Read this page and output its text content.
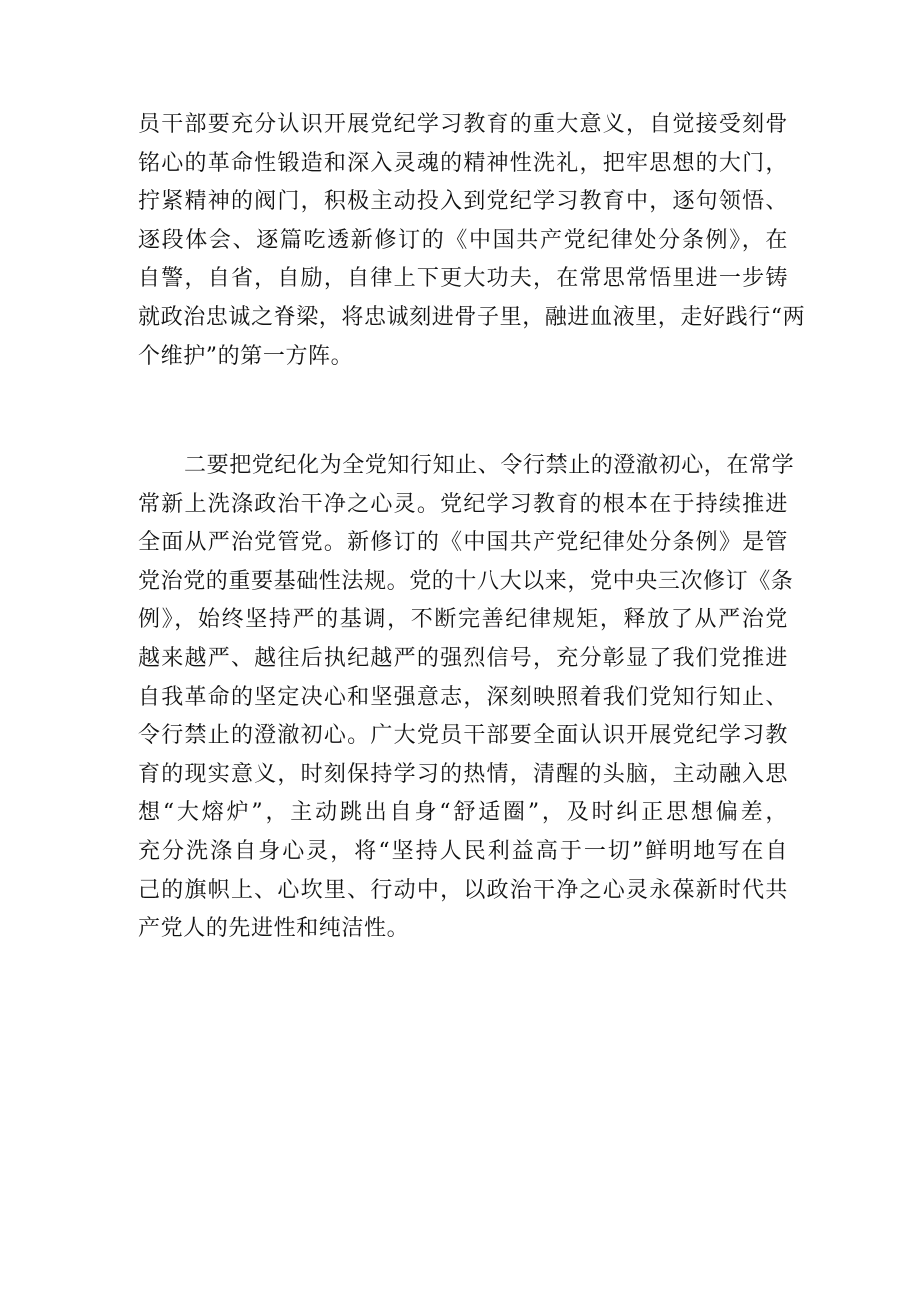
员干部要充分认识开展党纪学习教育的重大意义，自觉接受刻骨
铭心的革命性锻造和深入灵魂的精神性洗礼，把牢思想的大门，
拧紧精神的阀门，积极主动投入到党纪学习教育中，逐句领悟、
逐段体会、逐篇吃透新修订的《中国共产党纪律处分条例》，在
自警，自省，自励，自律上下更大功夫，在常思常悟里进一步铸
就政治忠诚之脊梁，将忠诚刻进骨子里，融进血液里，走好践行“两
个维护”的第一方阵。
二要把党纪化为全党知行知止、令行禁止的澄澈初心，在常学
常新上洗涤政治干净之心灵。党纪学习教育的根本在于持续推进
全面从严治党管党。新修订的《中国共产党纪律处分条例》是管
党治党的重要基础性法规。党的十八大以来，党中央三次修订《条
例》，始终坚持严的基调，不断完善纪律规矩，释放了从严治党
越来越严、越往后执纪越严的强烈信号，充分彰显了我们党推进
自我革命的坚定决心和坚强意志，深刻映照着我们党知行知止、
令行禁止的澄澈初心。广大党员干部要全面认识开展党纪学习教
育的现实意义，时刻保持学习的热情，清醒的头脑，主动融入思
想“大熔炉”，主动跳出自身“舒适圈”，及时纠正思想偏差，
充分洗涤自身心灵，将“坚持人民利益高于一切”鲜明地写在自
己的旗帜上、心坎里、行动中，以政治干净之心灵永葆新时代共
产党人的先进性和纯洁性。
